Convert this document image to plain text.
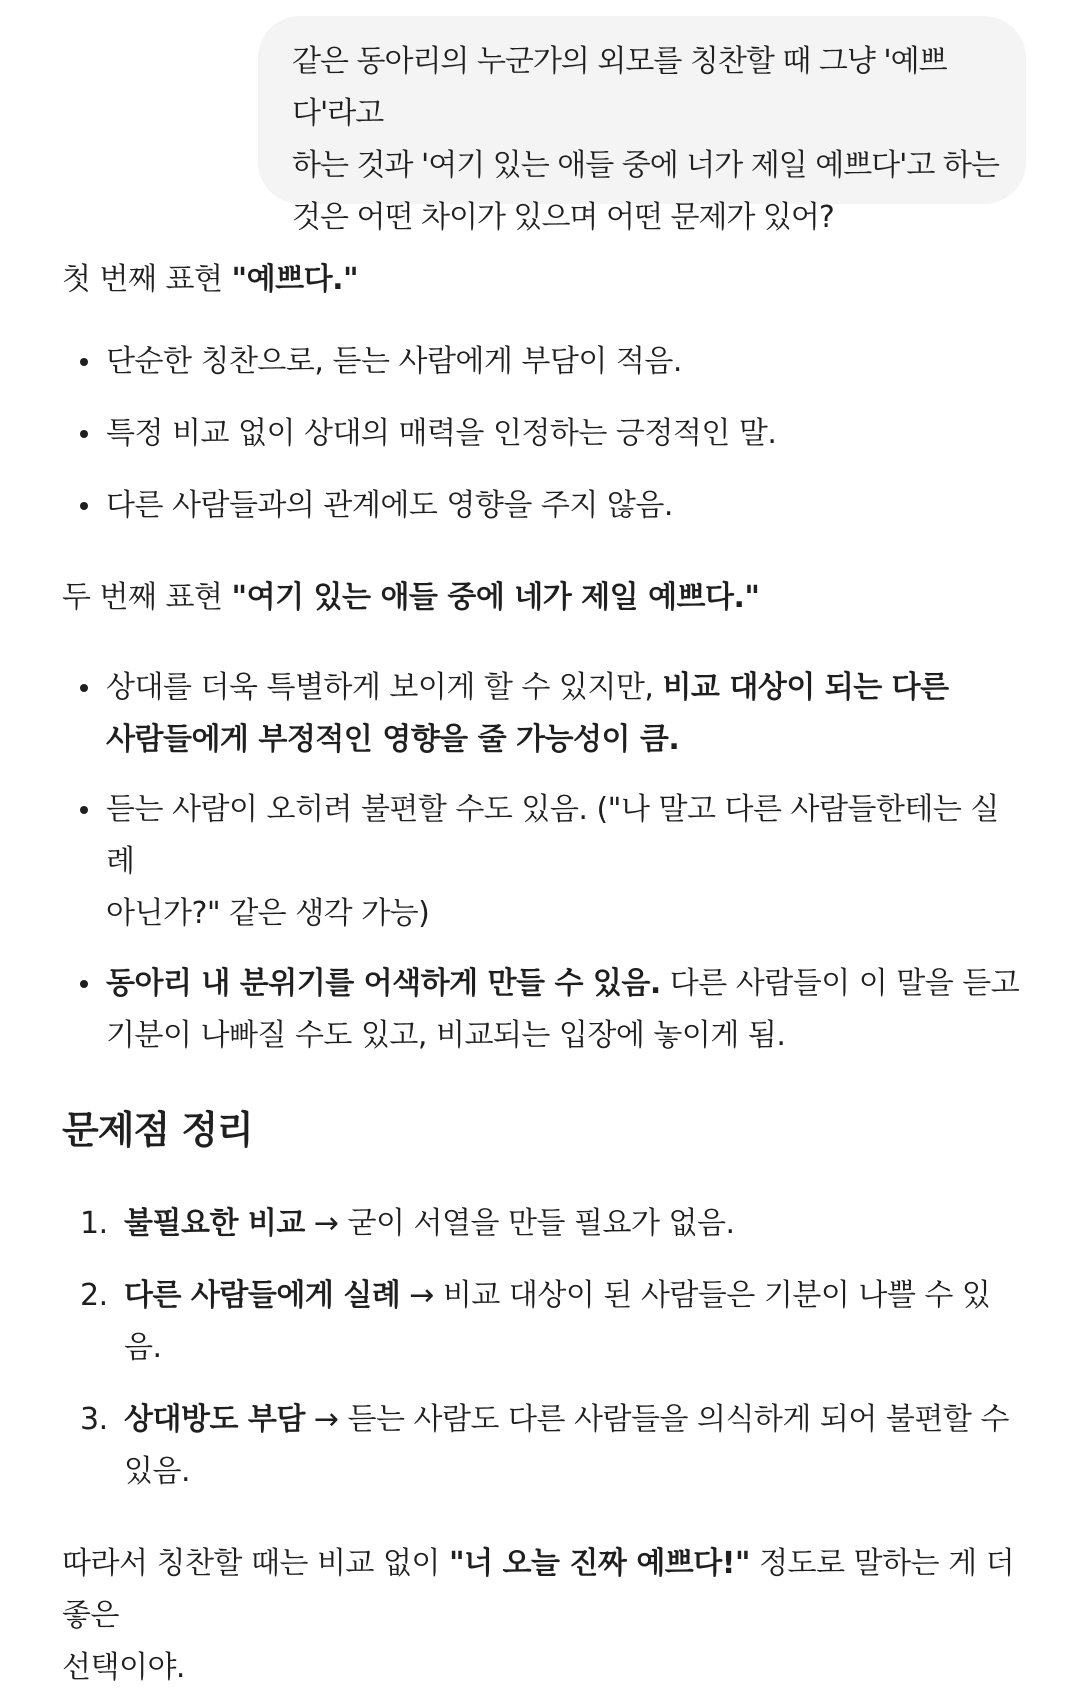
같은 동아리의 누군가의 외모를 칭찬할 때 그냥 '예쁘다'라고

하는 것과 '여기 있는 애들 중에 너가 제일 예쁘다'고 하는

것은 어떤 차이가 있으며 어떤 문제가 있어?

첫 번째 표현 "예쁘다."

단순한 칭찬으로, 듣는 사람에게 부담이 적음.
특정 비교 없이 상대의 매력을 인정하는 긍정적인 말.
다른 사람들과의 관계에도 영향을 주지 않음.

두 번째 표현 "여기 있는 애들 중에 네가 제일 예쁘다."

상대를 더욱 특별하게 보이게 할 수 있지만, 비교 대상이 되는 다른
사람들에게 부정적인 영향을 줄 가능성이 큼.
듣는 사람이 오히려 불편할 수도 있음. ("나 말고 다른 사람들한테는 실례
아닌가?" 같은 생각 가능)
동아리 내 분위기를 어색하게 만들 수 있음. 다른 사람들이 이 말을 듣고
기분이 나빠질 수도 있고, 비교되는 입장에 놓이게 됨.
문제점 정리
1. 불필요한 비교 → 굳이 서열을 만들 필요가 없음.
2. 다른 사람들에게 실례 → 비교 대상이 된 사람들은 기분이 나쁠 수 있음.
3. 상대방도 부담 → 듣는 사람도 다른 사람들을 의식하게 되어 불편할 수
있음.

따라서 칭찬할 때는 비교 없이 "너 오늘 진짜 예쁘다!" 정도로 말하는 게 더 좋은
선택이야.
